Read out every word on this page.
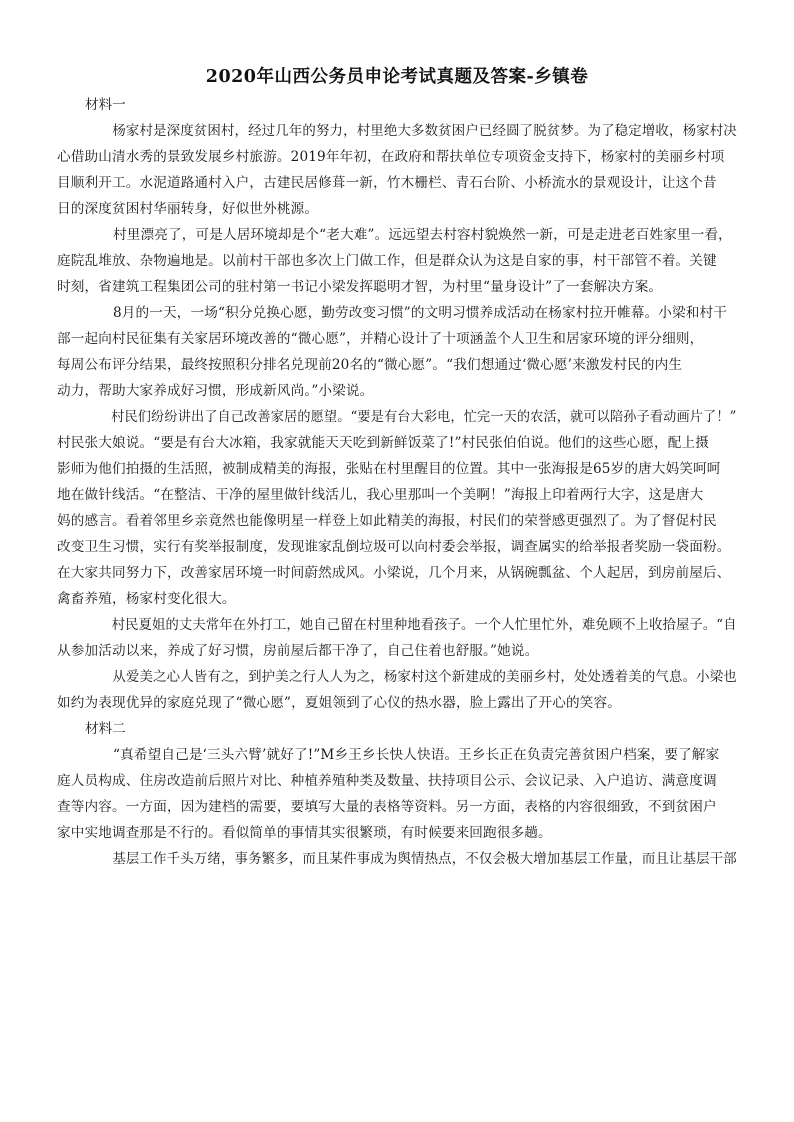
2020年山西公务员申论考试真题及答案-乡镇卷

材料一

杨家村是深度贫困村，经过几年的努力，村里绝大多数贫困户已经圆了脱贫梦。为了稳定增收，杨家村决
心借助山清水秀的景致发展乡村旅游。2019年年初，在政府和帮扶单位专项资金支持下，杨家村的美丽乡村项
目顺利开工。水泥道路通村入户，古建民居修葺一新，竹木栅栏、青石台阶、小桥流水的景观设计，让这个昔
日的深度贫困村华丽转身，好似世外桃源。
村里漂亮了，可是人居环境却是个“老大难”。远远望去村容村貌焕然一新，可是走进老百姓家里一看，
庭院乱堆放、杂物遍地是。以前村干部也多次上门做工作，但是群众认为这是自家的事，村干部管不着。关键
时刻，省建筑工程集团公司的驻村第一书记小梁发挥聪明才智，为村里“量身设计”了一套解决方案。
8月的一天，一场“积分兑换心愿，勤劳改变习惯”的文明习惯养成活动在杨家村拉开帷幕。小梁和村干
部一起向村民征集有关家居环境改善的“微心愿”，并精心设计了十项涵盖个人卫生和居家环境的评分细则，
每周公布评分结果，最终按照积分排名兑现前20名的“微心愿”。“我们想通过‘微心愿’来激发村民的内生
动力，帮助大家养成好习惯，形成新风尚。”小梁说。
村民们纷纷讲出了自己改善家居的愿望。“要是有台大彩电，忙完一天的农活，就可以陪孙子看动画片了！”
村民张大娘说。“要是有台大冰箱，我家就能天天吃到新鲜饭菜了!”村民张伯伯说。他们的这些心愿，配上摄
影师为他们拍摄的生活照，被制成精美的海报，张贴在村里醒目的位置。其中一张海报是65岁的唐大妈笑呵呵
地在做针线活。“在整洁、干净的屋里做针线活儿，我心里那叫一个美啊！”海报上印着两行大字，这是唐大
妈的感言。看着邻里乡亲竟然也能像明星一样登上如此精美的海报，村民们的荣誉感更强烈了。为了督促村民
改变卫生习惯，实行有奖举报制度，发现谁家乱倒垃圾可以向村委会举报，调查属实的给举报者奖励一袋面粉。
在大家共同努力下，改善家居环境一时间蔚然成风。小梁说，几个月来，从锅碗瓢盆、个人起居，到房前屋后、
禽畜养殖，杨家村变化很大。
村民夏姐的丈夫常年在外打工，她自己留在村里种地看孩子。一个人忙里忙外，难免顾不上收拾屋子。“自
从参加活动以来，养成了好习惯，房前屋后都干净了，自己住着也舒服。”她说。
从爱美之心人皆有之，到护美之行人人为之，杨家村这个新建成的美丽乡村，处处透着美的气息。小梁也
如约为表现优异的家庭兑现了“微心愿”，夏姐领到了心仪的热水器，脸上露出了开心的笑容。

材料二

“真希望自己是‘三头六臂’就好了!”M乡王乡长快人快语。王乡长正在负责完善贫困户档案，要了解家
庭人员构成、住房改造前后照片对比、种植养殖种类及数量、扶持项目公示、会议记录、入户追访、满意度调
查等内容。一方面，因为建档的需要，要填写大量的表格等资料。另一方面，表格的内容很细致，不到贫困户
家中实地调查那是不行的。看似简单的事情其实很繁琐，有时候要来回跑很多趟。
基层工作千头万绪，事务繁多，而且某件事成为舆情热点，不仅会极大增加基层工作量，而且让基层干部
